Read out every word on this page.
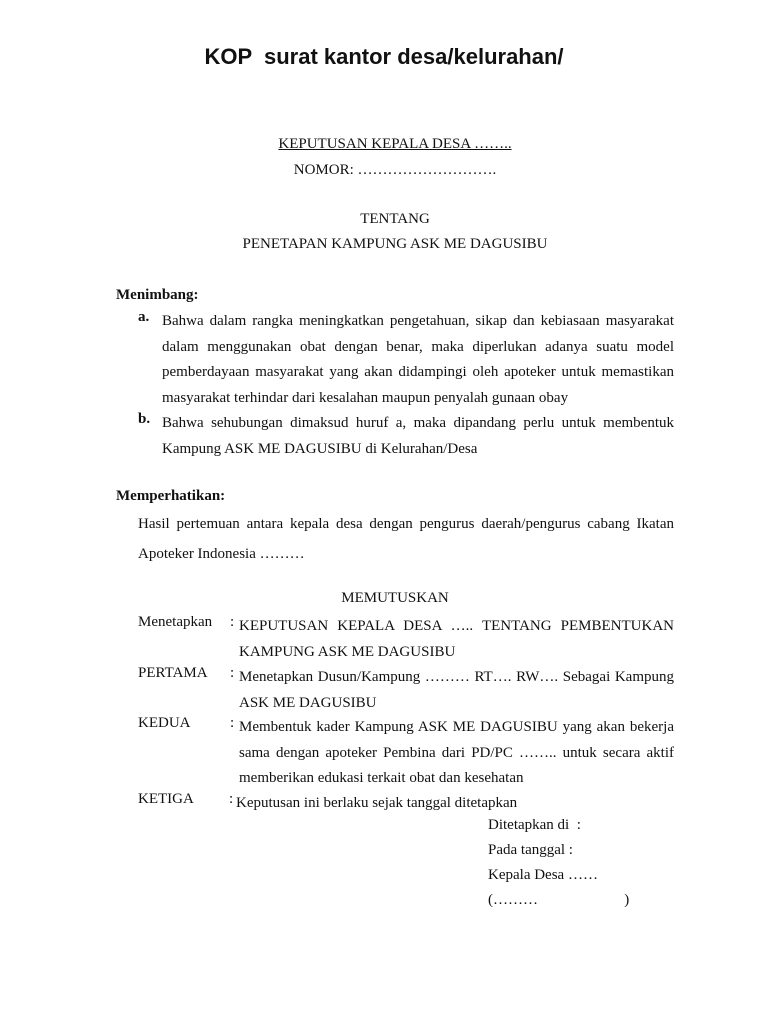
KOP  surat kantor desa/kelurahan/
KEPUTUSAN KEPALA DESA ……..
NOMOR: ……………………….
TENTANG
PENETAPAN KAMPUNG ASK ME DAGUSIBU
Menimbang:
a. Bahwa dalam rangka meningkatkan pengetahuan, sikap dan kebiasaan masyarakat dalam menggunakan obat dengan benar, maka diperlukan adanya suatu model pemberdayaan masyarakat yang akan didampingi oleh apoteker untuk memastikan masyarakat terhindar dari kesalahan maupun penyalah gunaan obay
b. Bahwa sehubungan dimaksud huruf a, maka dipandang perlu untuk membentuk Kampung ASK ME DAGUSIBU di Kelurahan/Desa
Memperhatikan:
Hasil pertemuan antara kepala desa dengan pengurus daerah/pengurus cabang Ikatan Apoteker Indonesia ………
MEMUTUSKAN
Menetapkan : KEPUTUSAN KEPALA DESA ….. TENTANG PEMBENTUKAN KAMPUNG ASK ME DAGUSIBU
PERTAMA : Menetapkan Dusun/Kampung ……… RT…. RW…. Sebagai Kampung ASK ME DAGUSIBU
KEDUA	: Membentuk kader Kampung ASK ME DAGUSIBU yang akan bekerja sama dengan apoteker Pembina dari PD/PC …….. untuk secara aktif memberikan edukasi terkait obat dan kesehatan
KETIGA : Keputusan ini berlaku sejak tanggal ditetapkan
Ditetapkan di  :
Pada tanggal :
Kepala Desa ……
(………                       )
